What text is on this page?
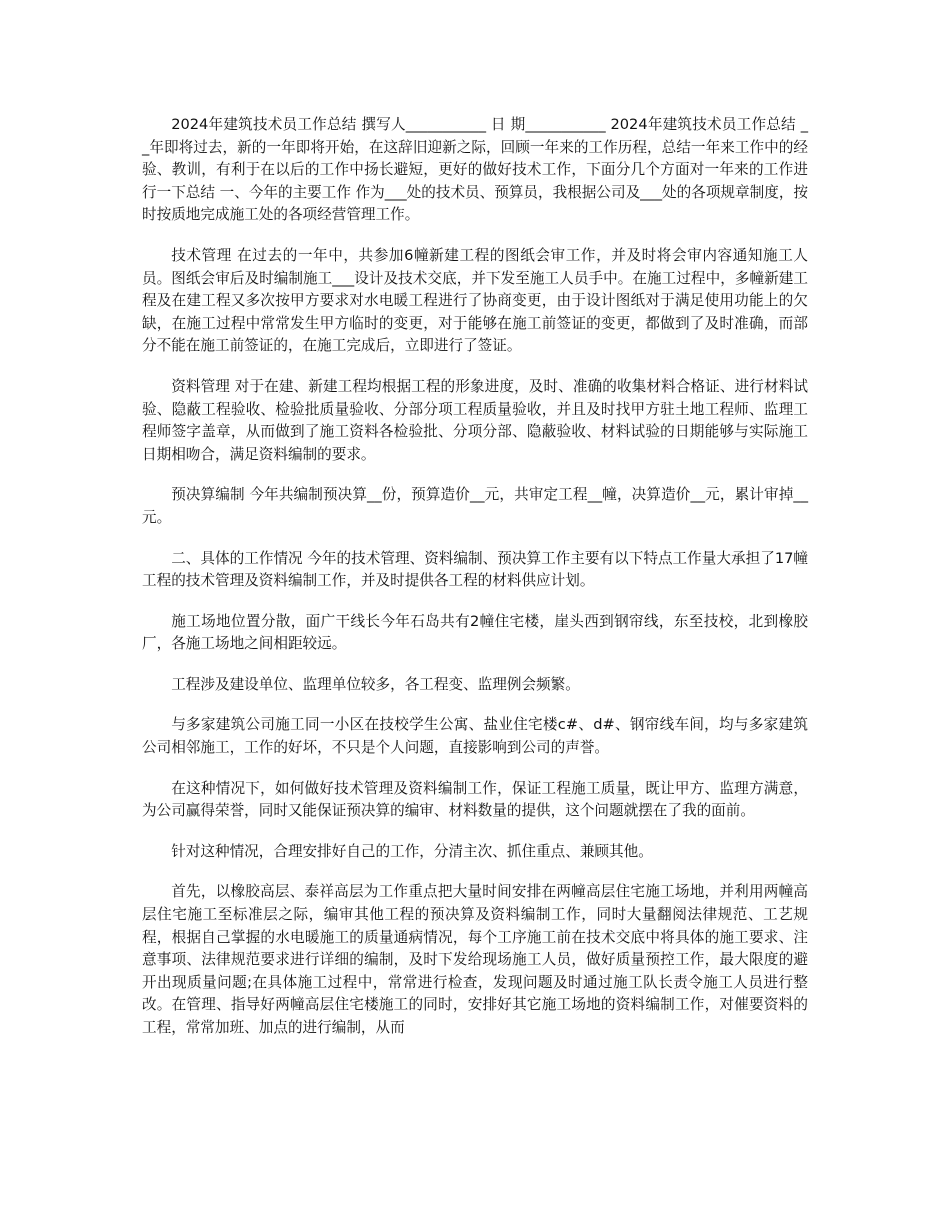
2024年建筑技术员工作总结 撰写人___________ 日 期___________ 2024年建筑技术员工作总结 __年即将过去，新的一年即将开始，在这辞旧迎新之际，回顾一年来的工作历程，总结一年来工作中的经验、教训，有利于在以后的工作中扬长避短，更好的做好技术工作，下面分几个方面对一年来的工作进行一下总结 一、今年的主要工作 作为___处的技术员、预算员，我根据公司及___处的各项规章制度，按时按质地完成施工处的各项经营管理工作。

技术管理 在过去的一年中，共参加6幢新建工程的图纸会审工作，并及时将会审内容通知施工人员。图纸会审后及时编制施工___设计及技术交底，并下发至施工人员手中。在施工过程中，多幢新建工程及在建工程又多次按甲方要求对水电暖工程进行了协商变更，由于设计图纸对于满足使用功能上的欠缺，在施工过程中常常发生甲方临时的变更，对于能够在施工前签证的变更，都做到了及时准确，而部分不能在施工前签证的，在施工完成后，立即进行了签证。

资料管理 对于在建、新建工程均根据工程的形象进度，及时、准确的收集材料合格证、进行材料试验、隐蔽工程验收、检验批质量验收、分部分项工程质量验收，并且及时找甲方驻土地工程师、监理工程师签字盖章，从而做到了施工资料各检验批、分项分部、隐蔽验收、材料试验的日期能够与实际施工日期相吻合，满足资料编制的要求。

预决算编制 今年共编制预决算__份，预算造价__元，共审定工程__幢，决算造价__元，累计审掉__元。

二、具体的工作情况 今年的技术管理、资料编制、预决算工作主要有以下特点工作量大承担了17幢工程的技术管理及资料编制工作，并及时提供各工程的材料供应计划。

施工场地位置分散，面广干线长今年石岛共有2幢住宅楼，崖头西到钢帘线，东至技校，北到橡胶厂，各施工场地之间相距较远。

工程涉及建设单位、监理单位较多，各工程变、监理例会频繁。

与多家建筑公司施工同一小区在技校学生公寓、盐业住宅楼c#、d#、钢帘线车间，均与多家建筑公司相邻施工，工作的好坏，不只是个人问题，直接影响到公司的声誉。

在这种情况下，如何做好技术管理及资料编制工作，保证工程施工质量，既让甲方、监理方满意，为公司赢得荣誉，同时又能保证预决算的编审、材料数量的提供，这个问题就摆在了我的面前。

针对这种情况，合理安排好自己的工作，分清主次、抓住重点、兼顾其他。

首先，以橡胶高层、泰祥高层为工作重点把大量时间安排在两幢高层住宅施工场地，并利用两幢高层住宅施工至标准层之际，编审其他工程的预决算及资料编制工作，同时大量翻阅法律规范、工艺规程，根据自己掌握的水电暖施工的质量通病情况，每个工序施工前在技术交底中将具体的施工要求、注意事项、法律规范要求进行详细的编制，及时下发给现场施工人员，做好质量预控工作，最大限度的避开出现质量问题;在具体施工过程中，常常进行检查，发现问题及时通过施工队长责令施工人员进行整改。在管理、指导好两幢高层住宅楼施工的同时，安排好其它施工场地的资料编制工作，对催要资料的工程，常常加班、加点的进行编制，从而
